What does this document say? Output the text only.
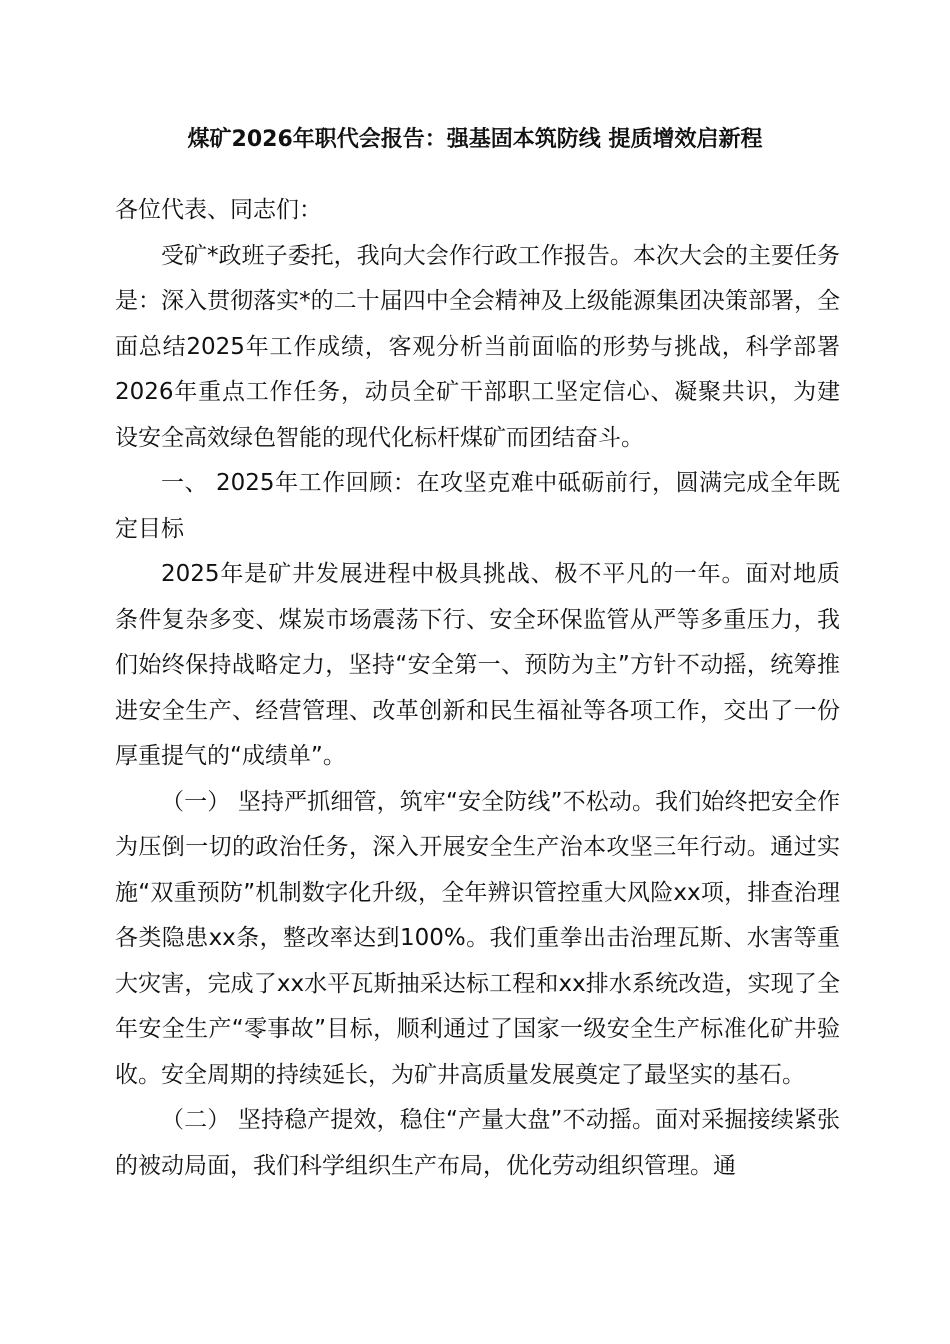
煤矿2026年职代会报告：强基固本筑防线 提质增效启新程

各位代表、同志们：

受矿*政班子委托，我向大会作行政工作报告。本次大会的主要任务是：深入贯彻落实*的二十届四中全会精神及上级能源集团决策部署，全面总结2025年工作成绩，客观分析当前面临的形势与挑战，科学部署2026年重点工作任务，动员全矿干部职工坚定信心、凝聚共识，为建设安全高效绿色智能的现代化标杆煤矿而团结奋斗。

一、 2025年工作回顾：在攻坚克难中砥砺前行，圆满完成全年既定目标

2025年是矿井发展进程中极具挑战、极不平凡的一年。面对地质条件复杂多变、煤炭市场震荡下行、安全环保监管从严等多重压力，我们始终保持战略定力，坚持“安全第一、预防为主”方针不动摇，统筹推进安全生产、经营管理、改革创新和民生福祉等各项工作，交出了一份厚重提气的“成绩单”。

（一） 坚持严抓细管，筑牢“安全防线”不松动。我们始终把安全作为压倒一切的政治任务，深入开展安全生产治本攻坚三年行动。通过实施“双重预防”机制数字化升级，全年辨识管控重大风险xx项，排查治理各类隐患xx条，整改率达到100%。我们重拳出击治理瓦斯、水害等重大灾害，完成了xx水平瓦斯抽采达标工程和xx排水系统改造，实现了全年安全生产“零事故”目标，顺利通过了国家一级安全生产标准化矿井验收。安全周期的持续延长，为矿井高质量发展奠定了最坚实的基石。

（二） 坚持稳产提效，稳住“产量大盘”不动摇。面对采掘接续紧张的被动局面，我们科学组织生产布局，优化劳动组织管理。通
